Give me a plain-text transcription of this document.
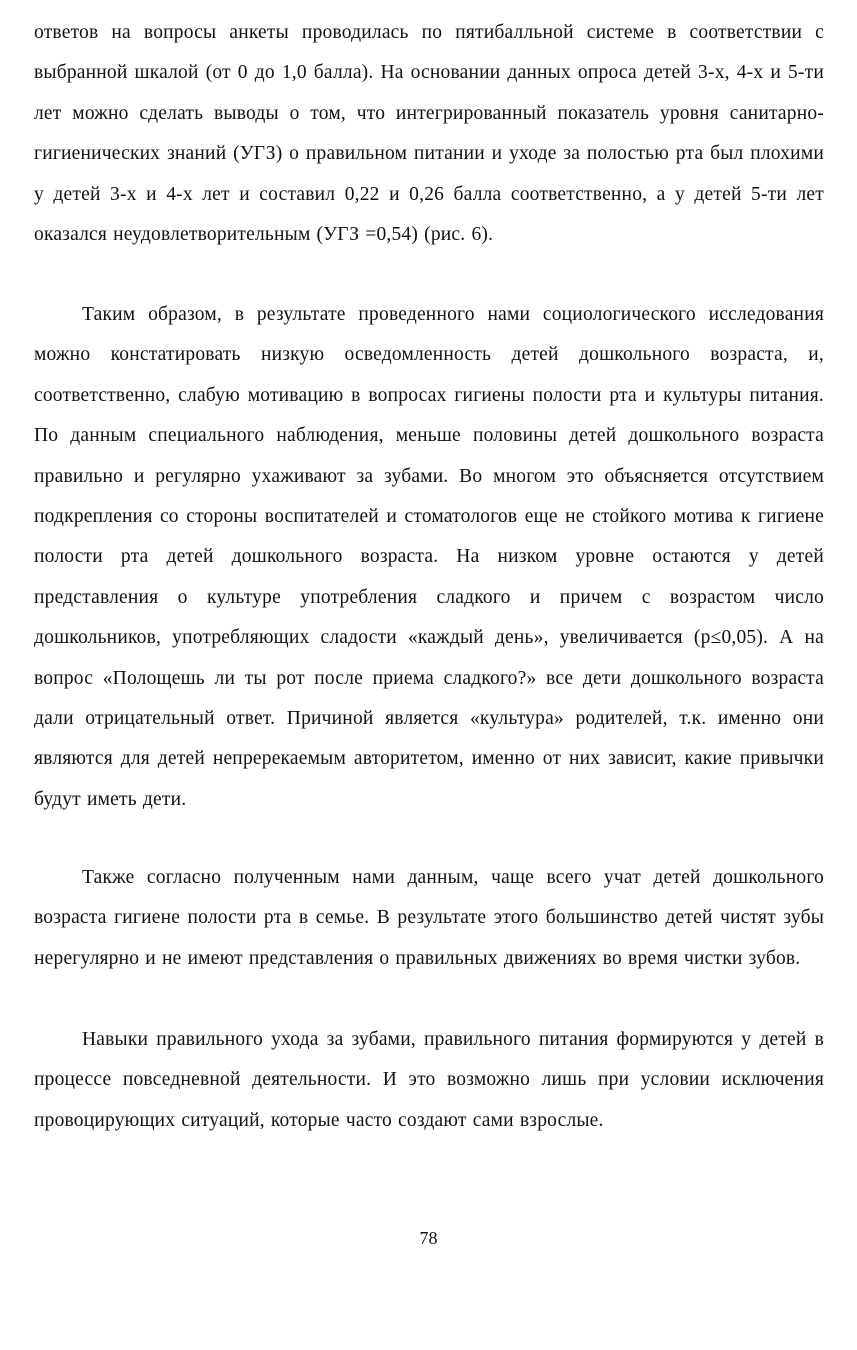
ответов на вопросы анкеты проводилась по пятибалльной системе в соответствии с выбранной шкалой (от 0 до 1,0 балла). На основании данных опроса детей 3-х, 4-х и 5-ти лет можно сделать выводы о том, что интегрированный показатель уровня санитарно-гигиенических знаний (УГЗ) о правильном питании и уходе за полостью рта был плохими у детей 3-х и 4-х лет и составил 0,22 и 0,26 балла соответственно, а у детей 5-ти лет оказался неудовлетворительным (УГЗ =0,54) (рис. 6).

Таким образом, в результате проведенного нами социологического исследования можно констатировать низкую осведомленность детей дошкольного возраста, и, соответственно, слабую мотивацию в вопросах гигиены полости рта и культуры питания. По данным специального наблюдения, меньше половины детей дошкольного возраста правильно и регулярно ухаживают за зубами. Во многом это объясняется отсутствием подкрепления со стороны воспитателей и стоматологов еще не стойкого мотива к гигиене полости рта детей дошкольного возраста. На низком уровне остаются у детей представления о культуре употребления сладкого и причем с возрастом число дошкольников, употребляющих сладости «каждый день», увеличивается (p≤0,05). А на вопрос «Полощешь ли ты рот после приема сладкого?» все дети дошкольного возраста дали отрицательный ответ. Причиной является «культура» родителей, т.к. именно они являются для детей непререкаемым авторитетом, именно от них зависит, какие привычки будут иметь дети.

Также согласно полученным нами данным, чаще всего учат детей дошкольного возраста гигиене полости рта в семье. В результате этого большинство детей чистят зубы нерегулярно и не имеют представления о правильных движениях во время чистки зубов.

Навыки правильного ухода за зубами, правильного питания формируются у детей в процессе повседневной деятельности. И это возможно лишь при условии исключения провоцирующих ситуаций, которые часто создают сами взрослые.

78
